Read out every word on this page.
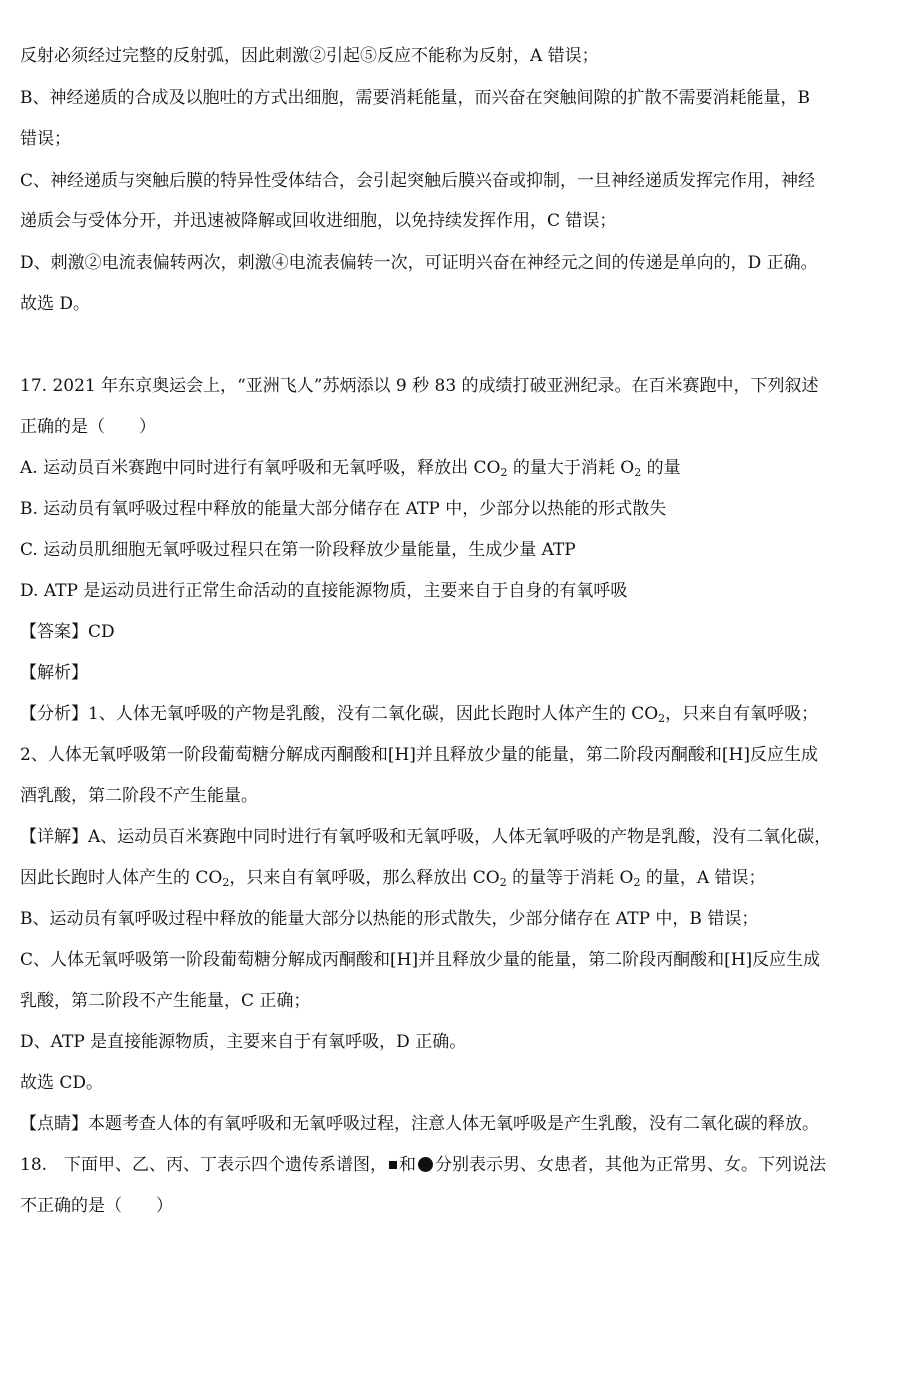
反射必须经过完整的反射弧，因此刺激②引起⑤反应不能称为反射，A 错误；
B、神经递质的合成及以胞吐的方式出细胞，需要消耗能量，而兴奋在突触间隙的扩散不需要消耗能量，B
错误；
C、神经递质与突触后膜的特异性受体结合，会引起突触后膜兴奋或抑制，一旦神经递质发挥完作用，神经
递质会与受体分开，并迅速被降解或回收进细胞，以免持续发挥作用，C 错误；
D、刺激②电流表偏转两次，刺激④电流表偏转一次，可证明兴奋在神经元之间的传递是单向的，D 正确。
故选 D。
17. 2021 年东京奥运会上，“亚洲飞人”苏炳添以 9 秒 83 的成绩打破亚洲纪录。在百米赛跑中，下列叙述
正确的是（　　）
A. 运动员百米赛跑中同时进行有氧呼吸和无氧呼吸，释放出 $CO_2$ 的量大于消耗 $O_2$ 的量
B. 运动员有氧呼吸过程中释放的能量大部分储存在 ATP 中，少部分以热能的形式散失
C. 运动员肌细胞无氧呼吸过程只在第一阶段释放少量能量，生成少量 ATP
D. ATP 是运动员进行正常生命活动的直接能源物质，主要来自于自身的有氧呼吸
【答案】CD
【解析】
【分析】1、人体无氧呼吸的产物是乳酸，没有二氧化碳，因此长跑时人体产生的 $CO_2$，只来自有氧呼吸；
2、人体无氧呼吸第一阶段葡萄糖分解成丙酮酸和[H]并且释放少量的能量，第二阶段丙酮酸和[H]反应生成
酒乳酸，第二阶段不产生能量。
【详解】A、运动员百米赛跑中同时进行有氧呼吸和无氧呼吸，人体无氧呼吸的产物是乳酸，没有二氧化碳，
因此长跑时人体产生的 $CO_2$，只来自有氧呼吸，那么释放出 $CO_2$ 的量等于消耗 $O_2$ 的量，A 错误；
B、运动员有氧呼吸过程中释放的能量大部分以热能的形式散失，少部分储存在 ATP 中，B 错误；
C、人体无氧呼吸第一阶段葡萄糖分解成丙酮酸和[H]并且释放少量的能量，第二阶段丙酮酸和[H]反应生成
乳酸，第二阶段不产生能量，C 正确；
D、ATP 是直接能源物质，主要来自于有氧呼吸，D 正确。
故选 CD。
【点睛】本题考查人体的有氧呼吸和无氧呼吸过程，注意人体无氧呼吸是产生乳酸，没有二氧化碳的释放。
18.　下面甲、乙、丙、丁表示四个遗传系谱图， 和 分别表示男、女患者，其他为正常男、女。下列说法
不正确的是（　　）
